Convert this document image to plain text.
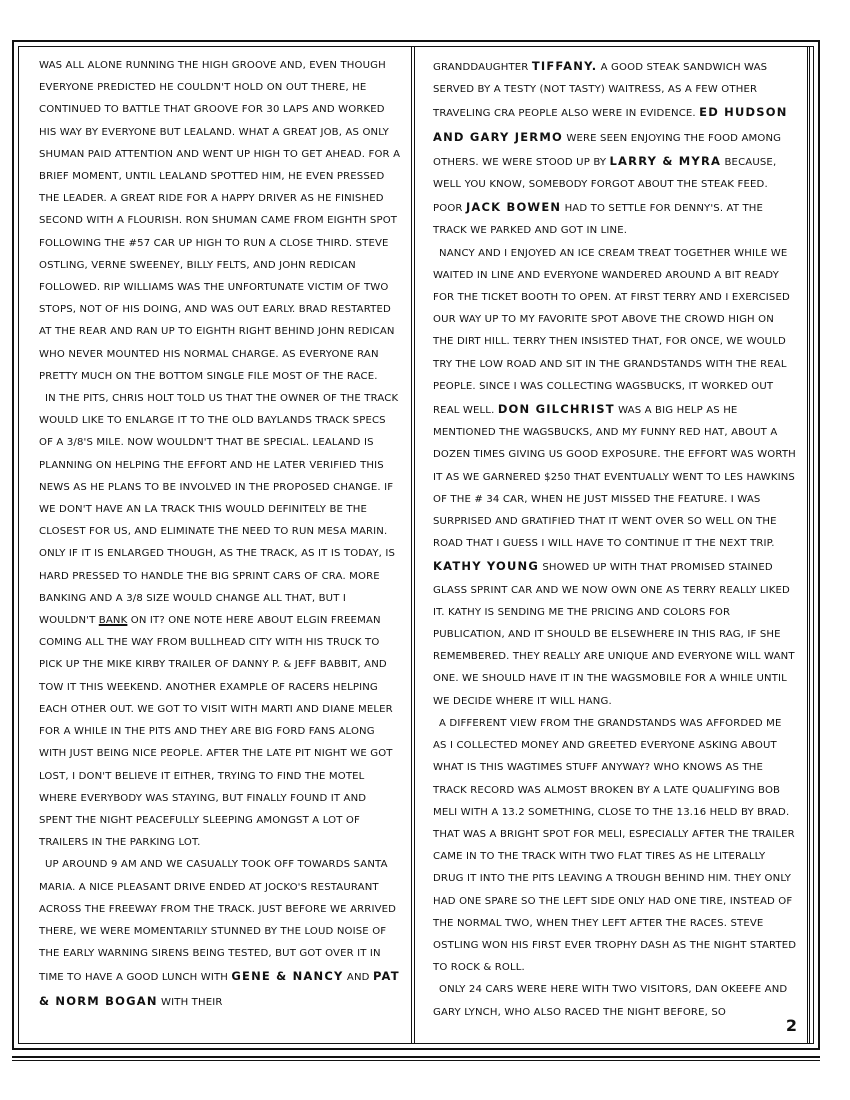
WAS ALL ALONE RUNNING THE HIGH GROOVE AND, EVEN THOUGH EVERYONE PREDICTED HE COULDN'T HOLD ON OUT THERE, HE CONTINUED TO BATTLE THAT GROOVE FOR 30 LAPS AND WORKED HIS WAY BY EVERYONE BUT LEALAND. WHAT A GREAT JOB, AS ONLY SHUMAN PAID ATTENTION AND WENT UP HIGH TO GET AHEAD. FOR A BRIEF MOMENT, UNTIL LEALAND SPOTTED HIM, HE EVEN PRESSED THE LEADER. A GREAT RIDE FOR A HAPPY DRIVER AS HE FINISHED SECOND WITH A FLOURISH. RON SHUMAN CAME FROM EIGHTH SPOT FOLLOWING THE #57 CAR UP HIGH TO RUN A CLOSE THIRD. STEVE OSTLING, VERNE SWEENEY, BILLY FELTS, AND JOHN REDICAN FOLLOWED. RIP WILLIAMS WAS THE UNFORTUNATE VICTIM OF TWO STOPS, NOT OF HIS DOING, AND WAS OUT EARLY. BRAD RESTARTED AT THE REAR AND RAN UP TO EIGHTH RIGHT BEHIND JOHN REDICAN WHO NEVER MOUNTED HIS NORMAL CHARGE. AS EVERYONE RAN PRETTY MUCH ON THE BOTTOM SINGLE FILE MOST OF THE RACE.

IN THE PITS, CHRIS HOLT TOLD US THAT THE OWNER OF THE TRACK WOULD LIKE TO ENLARGE IT TO THE OLD BAYLANDS TRACK SPECS OF A 3/8'S MILE. NOW WOULDN'T THAT BE SPECIAL. LEALAND IS PLANNING ON HELPING THE EFFORT AND HE LATER VERIFIED THIS NEWS AS HE PLANS TO BE INVOLVED IN THE PROPOSED CHANGE. IF WE DON'T HAVE AN LA TRACK THIS WOULD DEFINITELY BE THE CLOSEST FOR US, AND ELIMINATE THE NEED TO RUN MESA MARIN. ONLY IF IT IS ENLARGED THOUGH, AS THE TRACK, AS IT IS TODAY, IS HARD PRESSED TO HANDLE THE BIG SPRINT CARS OF CRA. MORE BANKING AND A 3/8 SIZE WOULD CHANGE ALL THAT, BUT I WOULDN'T BANK ON IT? ONE NOTE HERE ABOUT ELGIN FREEMAN COMING ALL THE WAY FROM BULLHEAD CITY WITH HIS TRUCK TO PICK UP THE MIKE KIRBY TRAILER OF DANNY P. & JEFF BABBIT, AND TOW IT THIS WEEKEND. ANOTHER EXAMPLE OF RACERS HELPING EACH OTHER OUT. WE GOT TO VISIT WITH MARTI AND DIANE MELER FOR A WHILE IN THE PITS AND THEY ARE BIG FORD FANS ALONG WITH JUST BEING NICE PEOPLE. AFTER THE LATE PIT NIGHT WE GOT LOST, I DON'T BELIEVE IT EITHER, TRYING TO FIND THE MOTEL WHERE EVERYBODY WAS STAYING, BUT FINALLY FOUND IT AND SPENT THE NIGHT PEACEFULLY SLEEPING AMONGST A LOT OF TRAILERS IN THE PARKING LOT.

UP AROUND 9 AM AND WE CASUALLY TOOK OFF TOWARDS SANTA MARIA. A NICE PLEASANT DRIVE ENDED AT JOCKO'S RESTAURANT ACROSS THE FREEWAY FROM THE TRACK. JUST BEFORE WE ARRIVED THERE, WE WERE MOMENTARILY STUNNED BY THE LOUD NOISE OF THE EARLY WARNING SIRENS BEING TESTED, BUT GOT OVER IT IN TIME TO HAVE A GOOD LUNCH WITH GENE & NANCY AND PAT & NORM BOGAN WITH THEIR

GRANDDAUGHTER TIFFANY. A GOOD STEAK SANDWICH WAS SERVED BY A TESTY (NOT TASTY) WAITRESS, AS A FEW OTHER TRAVELING CRA PEOPLE ALSO WERE IN EVIDENCE. ED HUDSON AND GARY JERMO WERE SEEN ENJOYING THE FOOD AMONG OTHERS. WE WERE STOOD UP BY LARRY & MYRA BECAUSE, WELL YOU KNOW, SOMEBODY FORGOT ABOUT THE STEAK FEED. POOR JACK BOWEN HAD TO SETTLE FOR DENNY'S. AT THE TRACK WE PARKED AND GOT IN LINE.

NANCY AND I ENJOYED AN ICE CREAM TREAT TOGETHER WHILE WE WAITED IN LINE AND EVERYONE WANDERED AROUND A BIT READY FOR THE TICKET BOOTH TO OPEN. AT FIRST TERRY AND I EXERCISED OUR WAY UP TO MY FAVORITE SPOT ABOVE THE CROWD HIGH ON THE DIRT HILL. TERRY THEN INSISTED THAT, FOR ONCE, WE WOULD TRY THE LOW ROAD AND SIT IN THE GRANDSTANDS WITH THE REAL PEOPLE. SINCE I WAS COLLECTING WAGSBUCKS, IT WORKED OUT REAL WELL. DON GILCHRIST WAS A BIG HELP AS HE MENTIONED THE WAGSBUCKS, AND MY FUNNY RED HAT, ABOUT A DOZEN TIMES GIVING US GOOD EXPOSURE. THE EFFORT WAS WORTH IT AS WE GARNERED $250 THAT EVENTUALLY WENT TO LES HAWKINS OF THE # 34 CAR, WHEN HE JUST MISSED THE FEATURE. I WAS SURPRISED AND GRATIFIED THAT IT WENT OVER SO WELL ON THE ROAD THAT I GUESS I WILL HAVE TO CONTINUE IT THE NEXT TRIP. KATHY YOUNG SHOWED UP WITH THAT PROMISED STAINED GLASS SPRINT CAR AND WE NOW OWN ONE AS TERRY REALLY LIKED IT. KATHY IS SENDING ME THE PRICING AND COLORS FOR PUBLICATION, AND IT SHOULD BE ELSEWHERE IN THIS RAG, IF SHE REMEMBERED. THEY REALLY ARE UNIQUE AND EVERYONE WILL WANT ONE. WE SHOULD HAVE IT IN THE WAGSMOBILE FOR A WHILE UNTIL WE DECIDE WHERE IT WILL HANG.

A DIFFERENT VIEW FROM THE GRANDSTANDS WAS AFFORDED ME AS I COLLECTED MONEY AND GREETED EVERYONE ASKING ABOUT WHAT IS THIS WAGTIMES STUFF ANYWAY? WHO KNOWS AS THE TRACK RECORD WAS ALMOST BROKEN BY A LATE QUALIFYING BOB MELI WITH A 13.2 SOMETHING, CLOSE TO THE 13.16 HELD BY BRAD. THAT WAS A BRIGHT SPOT FOR MELI, ESPECIALLY AFTER THE TRAILER CAME IN TO THE TRACK WITH TWO FLAT TIRES AS HE LITERALLY DRUG IT INTO THE PITS LEAVING A TROUGH BEHIND HIM. THEY ONLY HAD ONE SPARE SO THE LEFT SIDE ONLY HAD ONE TIRE, INSTEAD OF THE NORMAL TWO, WHEN THEY LEFT AFTER THE RACES. STEVE OSTLING WON HIS FIRST EVER TROPHY DASH AS THE NIGHT STARTED TO ROCK & ROLL.

ONLY 24 CARS WERE HERE WITH TWO VISITORS, DAN OKEEFE AND GARY LYNCH, WHO ALSO RACED THE NIGHT BEFORE, SO

2
